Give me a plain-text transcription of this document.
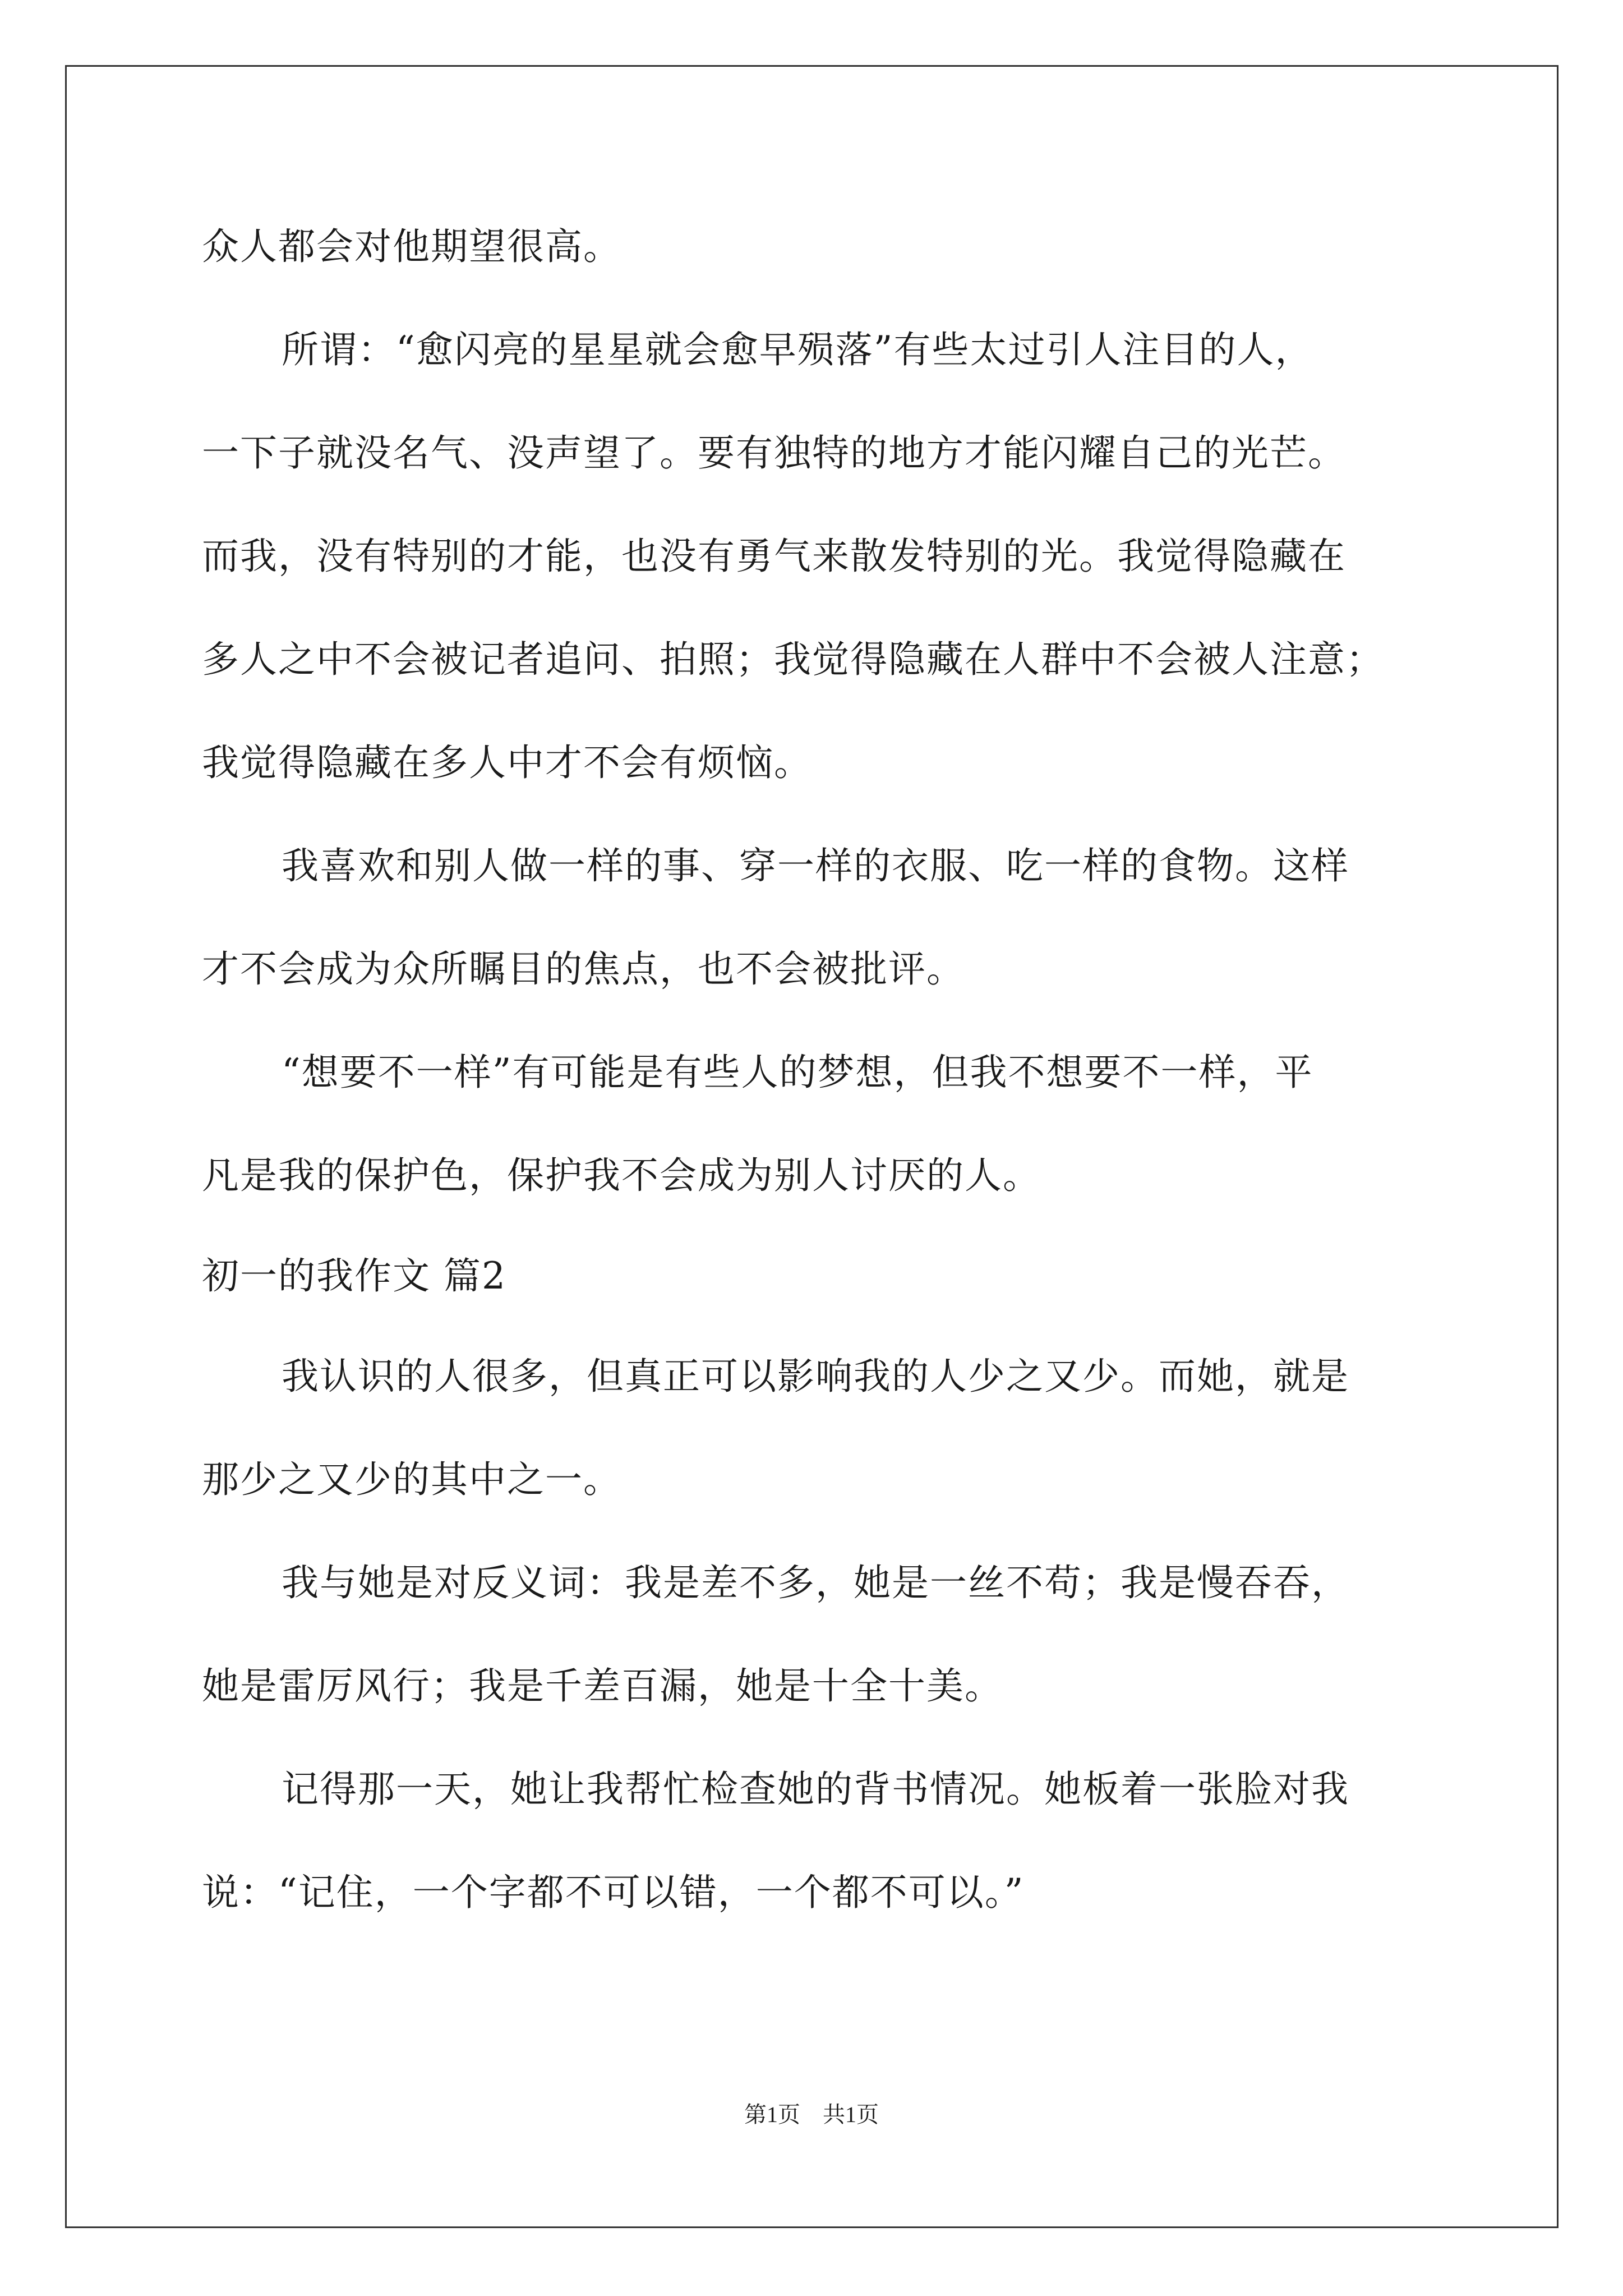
众人都会对他期望很高。
所谓：“愈闪亮的星星就会愈早殒落”有些太过引人注目的人，
一下子就没名气、没声望了。要有独特的地方才能闪耀自己的光芒。
而我，没有特别的才能，也没有勇气来散发特别的光。我觉得隐藏在
多人之中不会被记者追问、拍照；我觉得隐藏在人群中不会被人注意；
我觉得隐藏在多人中才不会有烦恼。
我喜欢和别人做一样的事、穿一样的衣服、吃一样的食物。这样
才不会成为众所瞩目的焦点，也不会被批评。
“想要不一样”有可能是有些人的梦想，但我不想要不一样，平
凡是我的保护色，保护我不会成为别人讨厌的人。
初一的我作文 篇2
我认识的人很多，但真正可以影响我的人少之又少。而她，就是
那少之又少的其中之一。
我与她是对反义词：我是差不多，她是一丝不苟；我是慢吞吞，
她是雷厉风行；我是千差百漏，她是十全十美。
记得那一天，她让我帮忙检查她的背书情况。她板着一张脸对我
说：“记住，一个字都不可以错，一个都不可以。”
第1页　共1页
